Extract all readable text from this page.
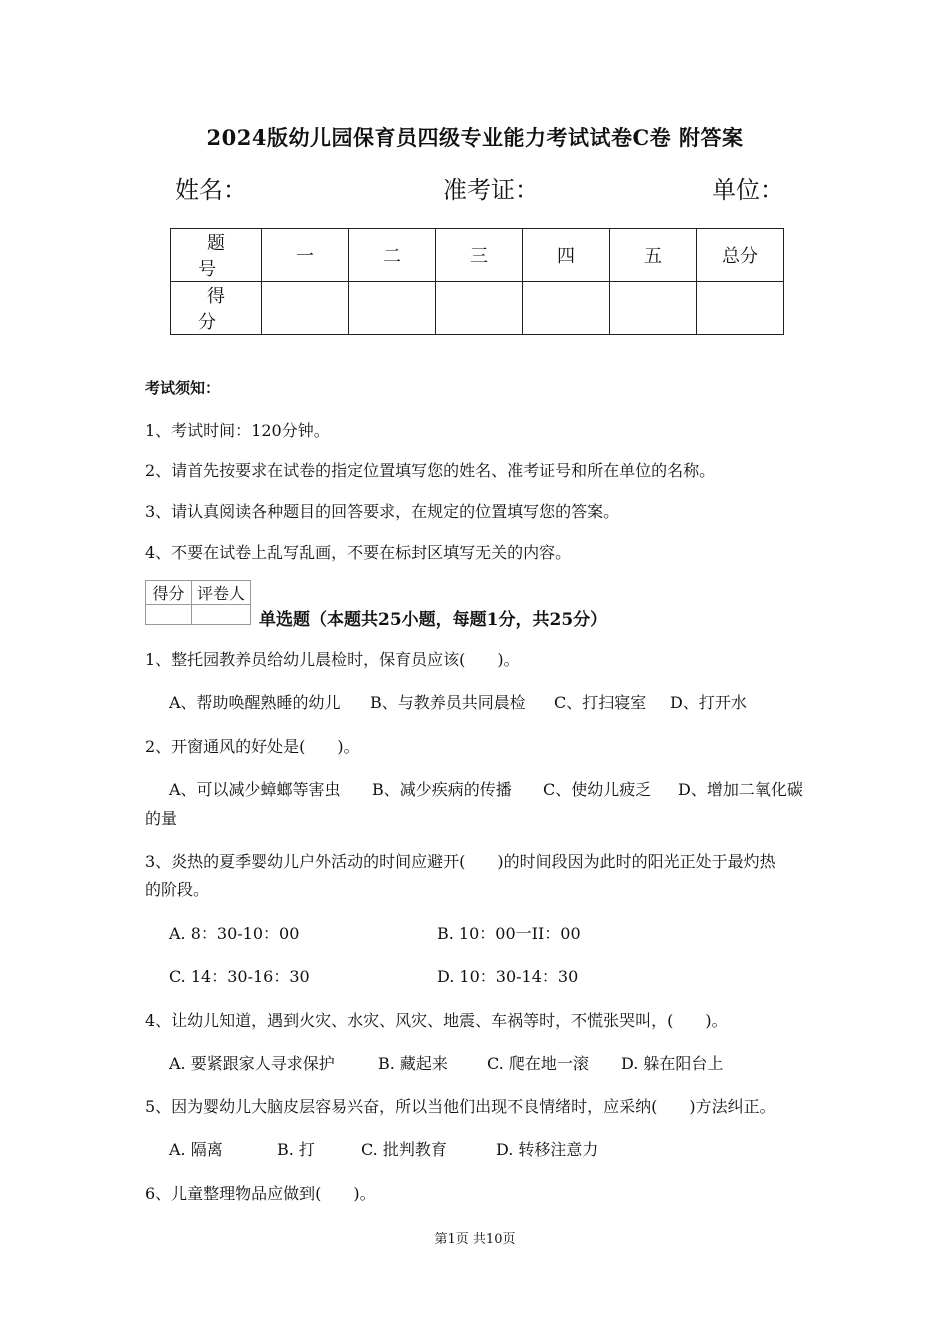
2024版幼儿园保育员四级专业能力考试试卷C卷 附答案
姓名：	准考证：	单位：
题　号	一	二	三	四	五	总分
得　分						
考试须知：
1、考试时间：120分钟。
2、请首先按要求在试卷的指定位置填写您的姓名、准考证号和所在单位的名称。
3、请认真阅读各种题目的回答要求，在规定的位置填写您的答案。
4、不要在试卷上乱写乱画，不要在标封区填写无关的内容。
得分	评卷人

单选题（本题共25小题，每题1分，共25分）
1、整托园教养员给幼儿晨检时，保育员应该(　　)。
A、帮助唤醒熟睡的幼儿 B、与教养员共同晨检 C、打扫寝室 D、打开水
2、开窗通风的好处是(　　)。
A、可以减少蟑螂等害虫 B、减少疾病的传播 C、使幼儿疲乏 D、增加二氧化碳
的量
3、炎热的夏季婴幼儿户外活动的时间应避开(　　)的时间段因为此时的阳光正处于最灼热
的阶段。
A. 8：30-10：00	B. 10：00一II：00
C. 14：30-16：30	D. 10：30-14：30
4、让幼儿知道，遇到火灾、水灾、风灾、地震、车祸等时，不慌张哭叫，(　　)。
A. 要紧跟家人寻求保护	B. 藏起来 C. 爬在地一滚 D. 躲在阳台上
5、因为婴幼儿大脑皮层容易兴奋，所以当他们出现不良情绪时，应采纳(　　)方法纠正。
A. 隔离	B. 打	C. 批判教育	D. 转移注意力
6、儿童整理物品应做到(　　)。
第1页 共10页
